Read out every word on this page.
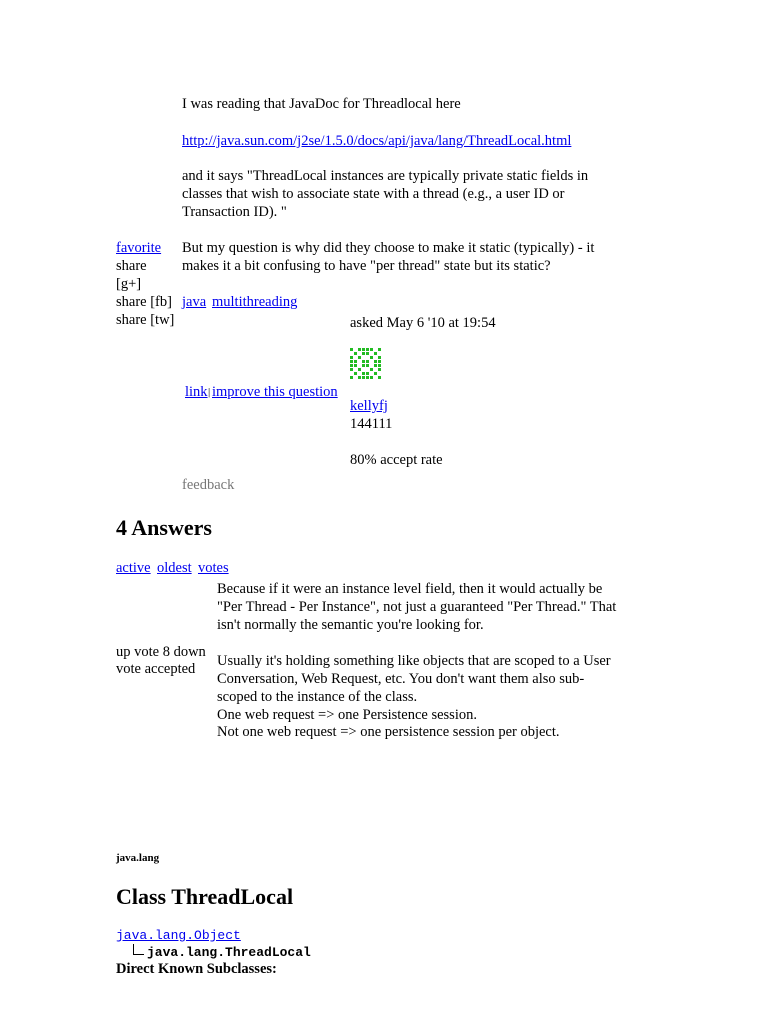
I was reading that JavaDoc for Threadlocal here
http://java.sun.com/j2se/1.5.0/docs/api/java/lang/ThreadLocal.html
and it says "ThreadLocal instances are typically private static fields in
classes that wish to associate state with a thread (e.g., a user ID or
Transaction ID). "
But my question is why did they choose to make it static (typically) - it
makes it a bit confusing to have "per thread" state but its static?
favorite
share
[g+]
share [fb]
share [tw]
java multithreading
asked May 6 '10 at 19:54
link | improve this question
kellyfj
144111
80% accept rate
feedback
4 Answers
active oldest votes
Because if it were an instance level field, then it would actually be
"Per Thread - Per Instance", not just a guaranteed "Per Thread." That
isn't normally the semantic you're looking for.
up vote 8 down
vote accepted Usually it's holding something like objects that are scoped to a User
Conversation, Web Request, etc. You don't want them also sub-
scoped to the instance of the class.
One web request => one Persistence session.
Not one web request => one persistence session per object.
java.lang
Class ThreadLocal
java.lang.Object
java.lang.ThreadLocal
Direct Known Subclasses:
